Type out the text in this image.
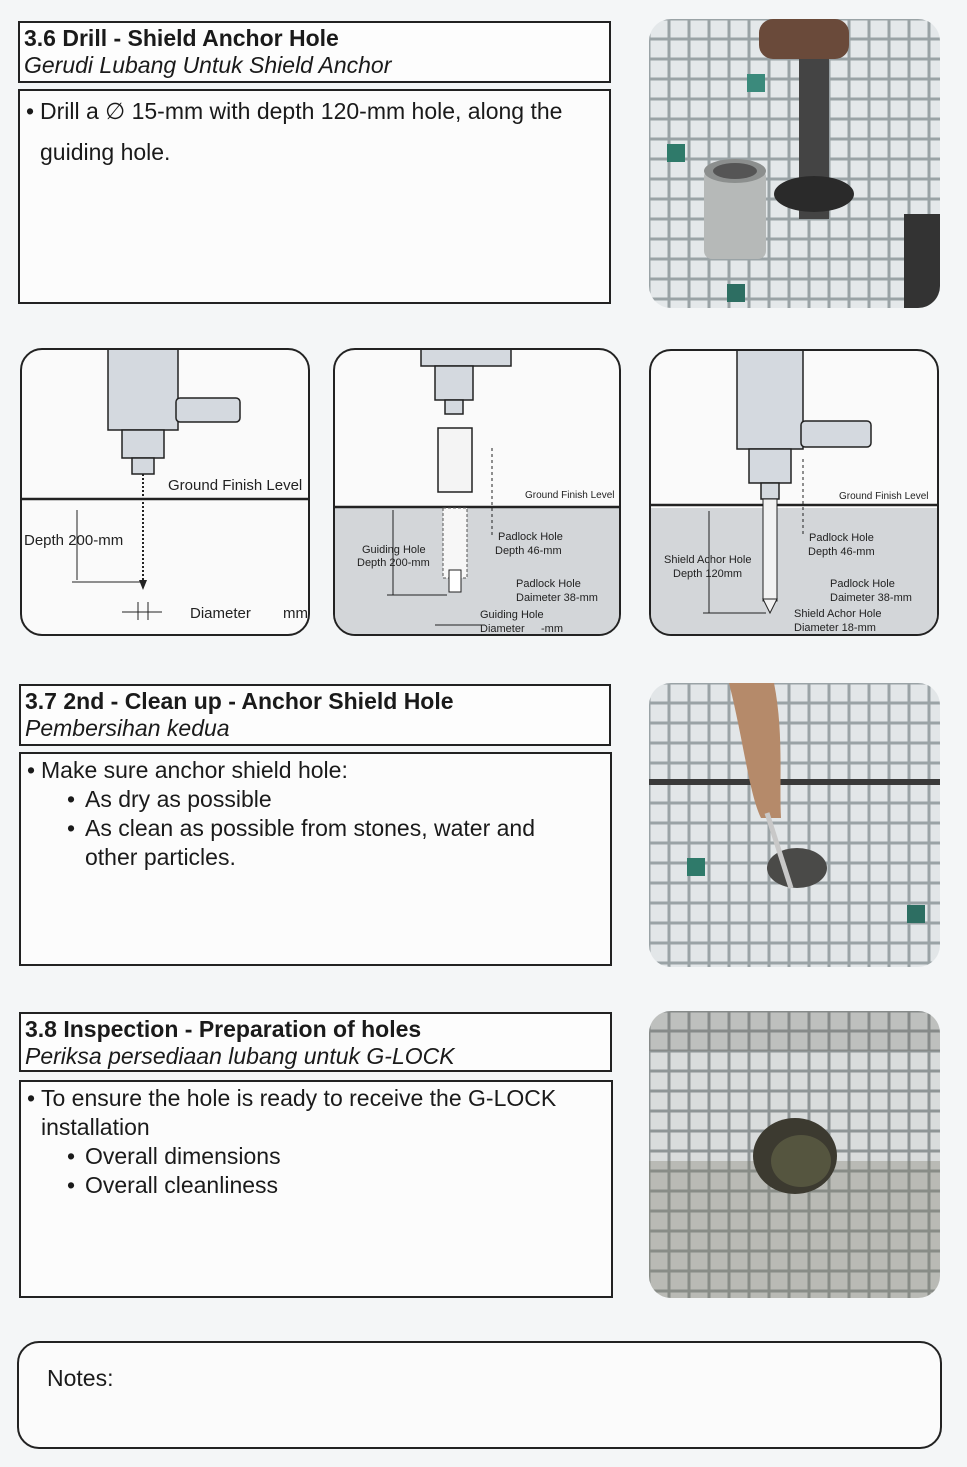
3.6 Drill - Shield Anchor Hole
Gerudi Lubang Untuk Shield Anchor
• Drill a ∅ 15-mm with depth 120-mm hole, along the guiding hole.
Ground Finish Level
Depth 200-mm
Diameter mm
Ground Finish Level
Padlock Hole
Depth 46-mm
Guiding Hole
Depth 200-mm
Padlock Hole
Daimeter 38-mm
Guiding Hole
Diameter -mm
Ground Finish Level
Padlock Hole
Depth 46-mm
Shield Achor Hole
Depth 120mm
Padlock Hole
Daimeter 38-mm
Shield Achor Hole
Diameter 18-mm
3.7 2nd - Clean up - Anchor Shield Hole
Pembersihan kedua
• Make sure anchor shield hole:
• As dry as possible
• As clean as possible from stones, water and other particles.
3.8 Inspection - Preparation of holes
Periksa persediaan lubang untuk G-LOCK
• To ensure the hole is ready to receive the G-LOCK installation
• Overall dimensions
• Overall cleanliness
Notes:
